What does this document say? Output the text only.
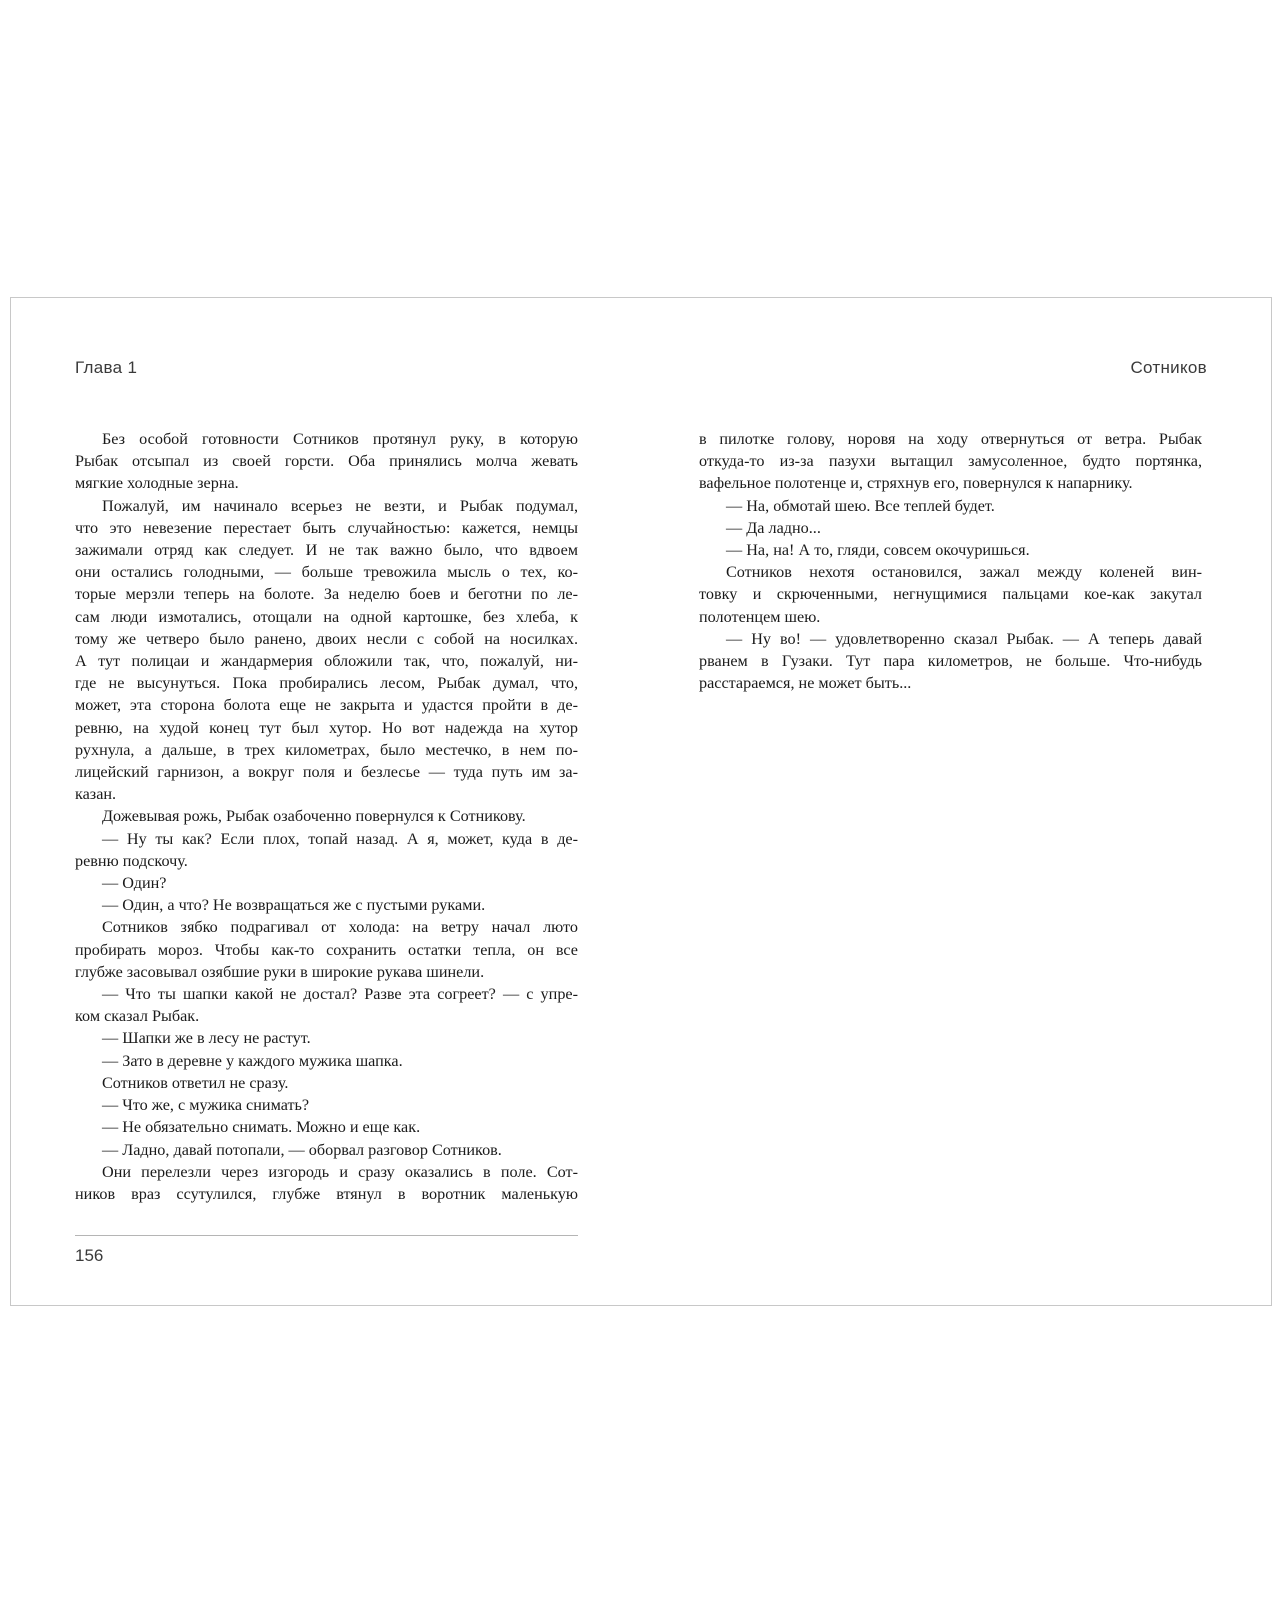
Глава 1	Сотников
Без особой готовности Сотников протянул руку, в которую
Рыбак отсыпал из своей горсти. Оба принялись молча жевать
мягкие холодные зерна.
Пожалуй, им начинало всерьез не везти, и Рыбак подумал,
что это невезение перестает быть случайностью: кажется, немцы
зажимали отряд как следует. И не так важно было, что вдвоем
они остались голодными, — больше тревожила мысль о тех, ко-
торые мерзли теперь на болоте. За неделю боев и беготни по ле-
сам люди измотались, отощали на одной картошке, без хлеба, к
тому же четверо было ранено, двоих несли с собой на носилках.
А тут полицаи и жандармерия обложили так, что, пожалуй, ни-
где не высунуться. Пока пробирались лесом, Рыбак думал, что,
может, эта сторона болота еще не закрыта и удастся пройти в де-
ревню, на худой конец тут был хутор. Но вот надежда на хутор
рухнула, а дальше, в трех километрах, было местечко, в нем по-
лицейский гарнизон, а вокруг поля и безлесье — туда путь им за-
казан.
Дожевывая рожь, Рыбак озабоченно повернулся к Сотникову.
— Ну ты как? Если плох, топай назад. А я, может, куда в де-
ревню подскочу.
— Один?
— Один, а что? Не возвращаться же с пустыми руками.
Сотников зябко подрагивал от холода: на ветру начал люто
пробирать мороз. Чтобы как-то сохранить остатки тепла, он все
глубже засовывал озябшие руки в широкие рукава шинели.
— Что ты шапки какой не достал? Разве эта согреет? — с упре-
ком сказал Рыбак.
— Шапки же в лесу не растут.
— Зато в деревне у каждого мужика шапка.
Сотников ответил не сразу.
— Что же, с мужика снимать?
— Не обязательно снимать. Можно и еще как.
— Ладно, давай потопали, — оборвал разговор Сотников.
Они перелезли через изгородь и сразу оказались в поле. Сот-
ников враз ссутулился, глубже втянул в воротник маленькую
в пилотке голову, норовя на ходу отвернуться от ветра. Рыбак
откуда-то из-за пазухи вытащил замусоленное, будто портянка,
вафельное полотенце и, стряхнув его, повернулся к напарнику.
— На, обмотай шею. Все теплей будет.
— Да ладно...
— На, на! А то, гляди, совсем окочуришься.
Сотников нехотя остановился, зажал между коленей вин-
товку и скрюченными, негнущимися пальцами кое-как закутал
полотенцем шею.
— Ну во! — удовлетворенно сказал Рыбак. — А теперь давай
рванем в Гузаки. Тут пара километров, не больше. Что-нибудь
расстараемся, не может быть...
156
